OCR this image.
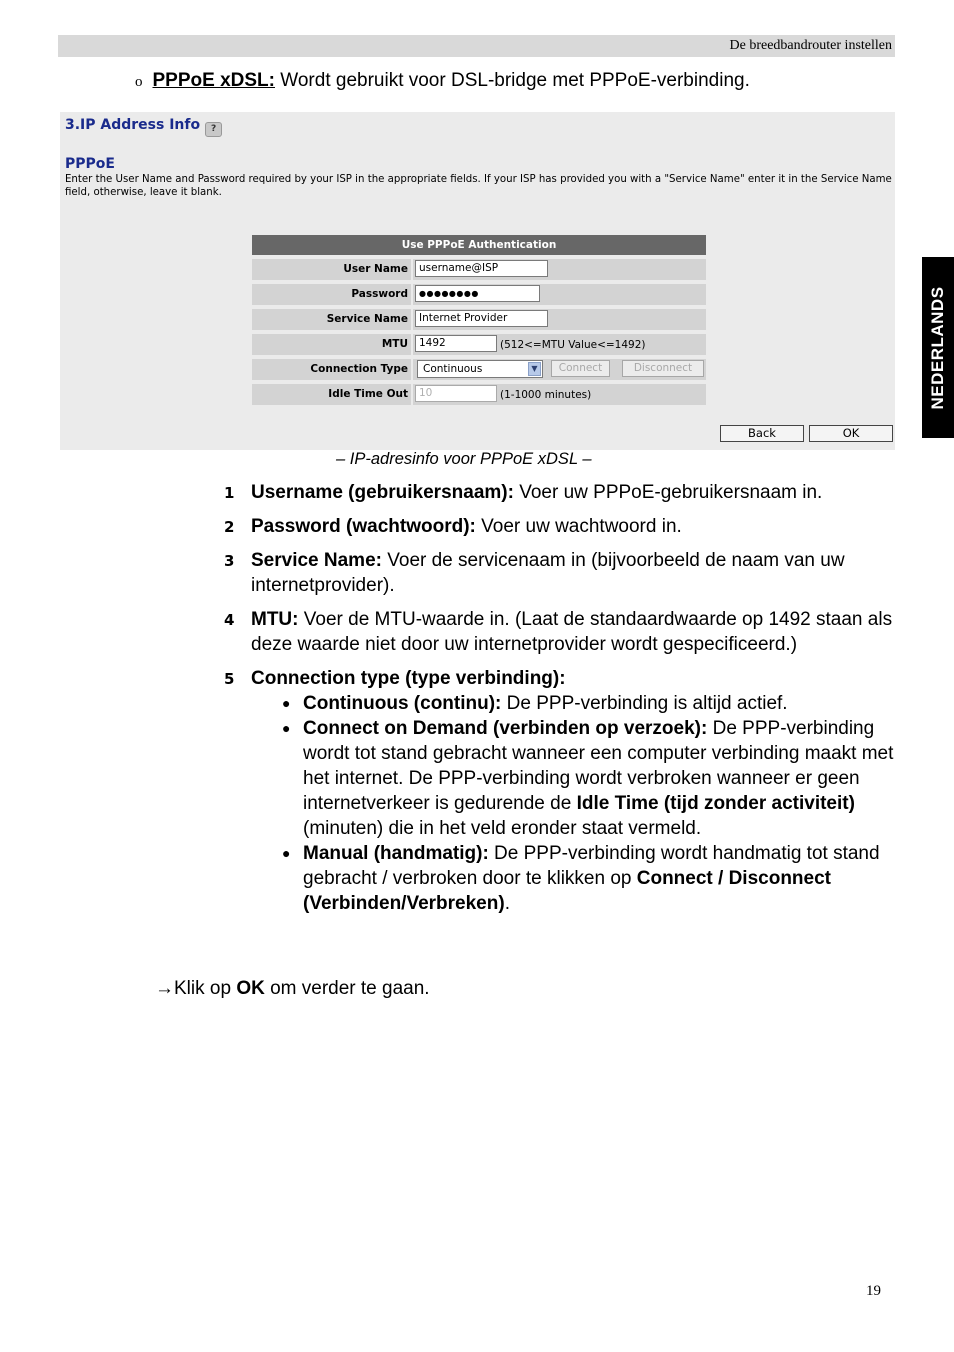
De breedbandrouter instellen
NEDERLANDS
o PPPoE xDSL: Wordt gebruikt voor DSL-bridge met PPPoE-verbinding.
3.IP Address Info ?
PPPoE
Enter the User Name and Password required by your ISP in the appropriate fields. If your ISP has provided you with a "Service Name" enter it in the Service Name field, otherwise, leave it blank.
Use PPPoE Authentication
User Name	username@ISP
Password	●●●●●●●●
Service Name	Internet Provider
MTU	1492	(512<=MTU Value<=1492)
Connection Type	Continuous	▼	Connect	Disconnect
Idle Time Out	10	(1-1000 minutes)
Back	OK
– IP-adresinfo voor PPPoE xDSL –
1 Username (gebruikersnaam): Voer uw PPPoE-gebruikersnaam in.
2 Password (wachtwoord): Voer uw wachtwoord in.
3 Service Name: Voer de servicenaam in (bijvoorbeeld de naam van uw internetprovider).
4 MTU: Voer de MTU-waarde in. (Laat de standaardwaarde op 1492 staan als deze waarde niet door uw internetprovider wordt gespecificeerd.)
5 Connection type (type verbinding):
● Continuous (continu): De PPP-verbinding is altijd actief.
● Connect on Demand (verbinden op verzoek): De PPP-verbinding wordt tot stand gebracht wanneer een computer verbinding maakt met het internet. De PPP-verbinding wordt verbroken wanneer er geen internetverkeer is gedurende de Idle Time (tijd zonder activiteit) (minuten) die in het veld eronder staat vermeld.
● Manual (handmatig): De PPP-verbinding wordt handmatig tot stand gebracht / verbroken door te klikken op Connect / Disconnect (Verbinden/Verbreken).
→Klik op OK om verder te gaan.
19
